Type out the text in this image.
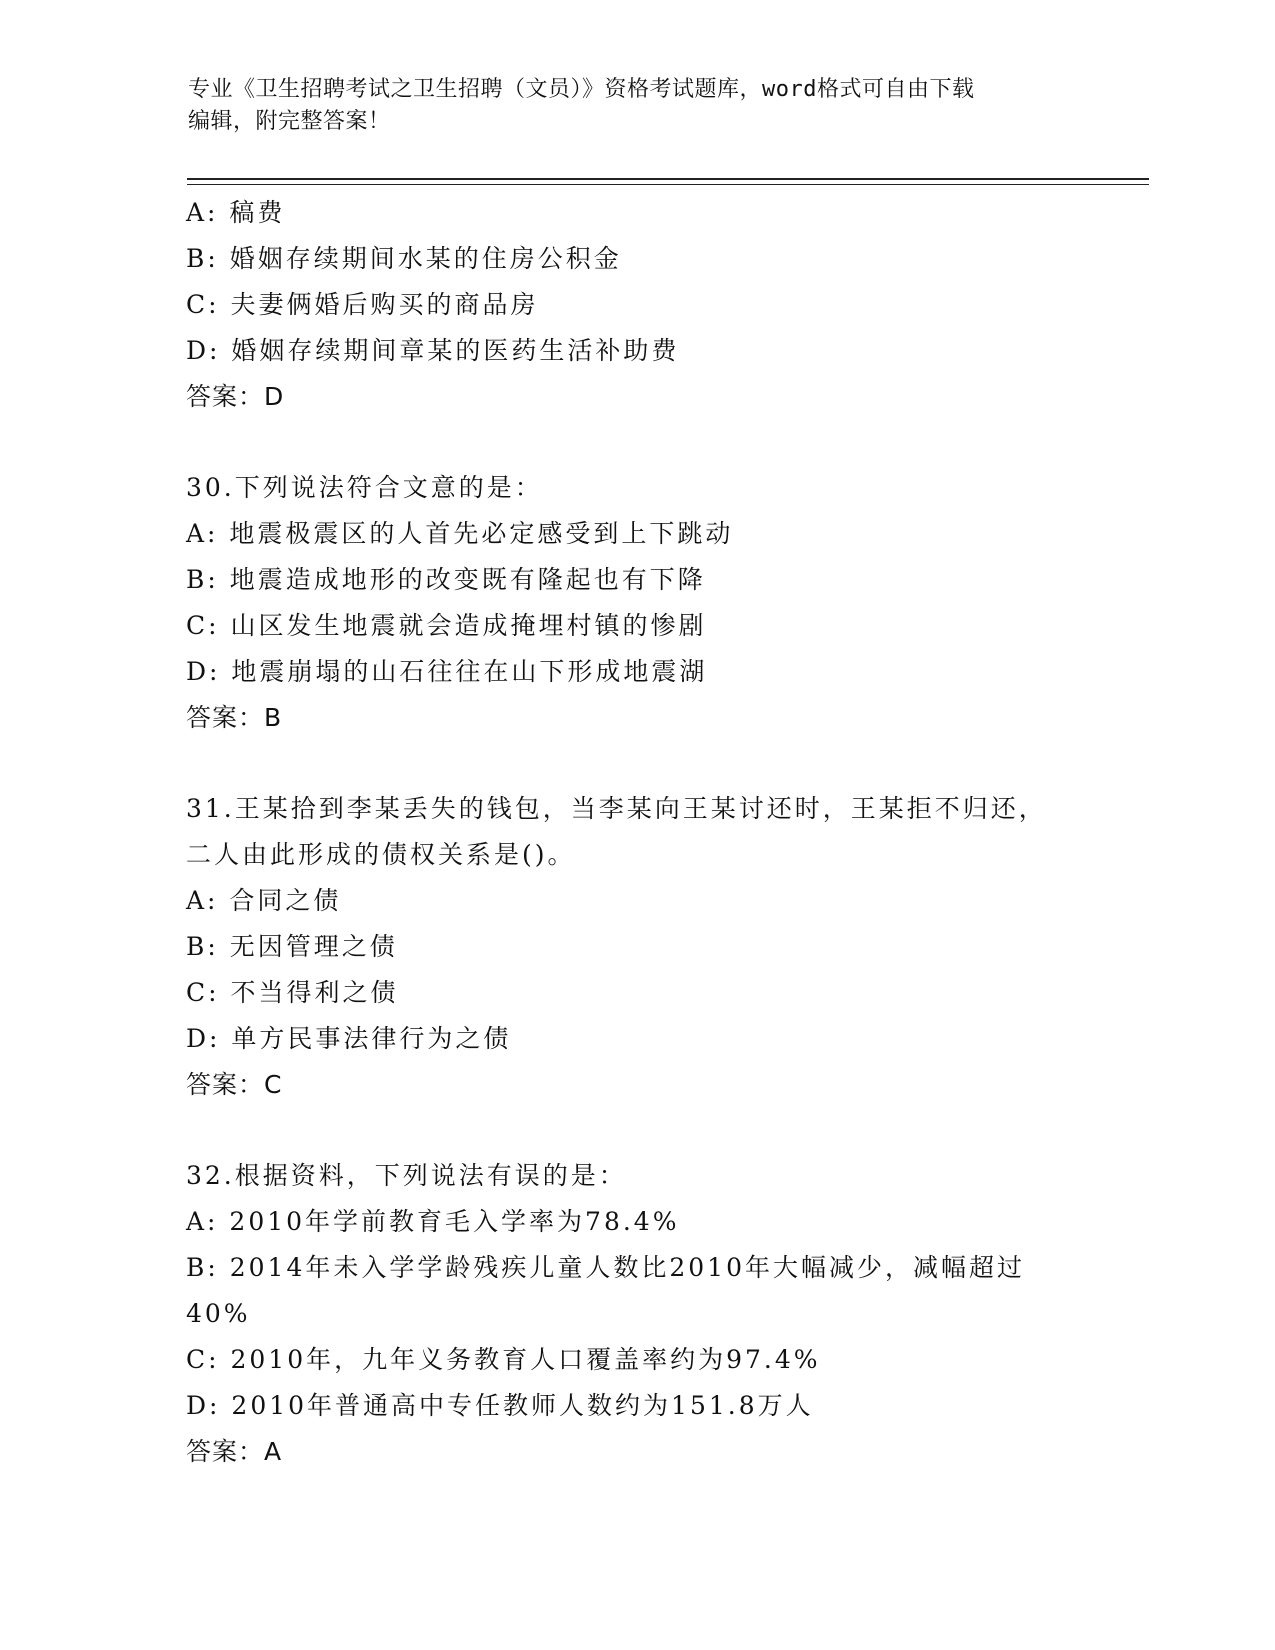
专业《卫生招聘考试之卫生招聘（文员）》资格考试题库，word格式可自由下载
编辑，附完整答案！
A: 稿费
B: 婚姻存续期间水某的住房公积金
C: 夫妻俩婚后购买的商品房
D: 婚姻存续期间章某的医药生活补助费
答案：D
30.下列说法符合文意的是：
A: 地震极震区的人首先必定感受到上下跳动
B: 地震造成地形的改变既有隆起也有下降
C: 山区发生地震就会造成掩埋村镇的惨剧
D: 地震崩塌的山石往往在山下形成地震湖
答案：B
31.王某拾到李某丢失的钱包，当李某向王某讨还时，王某拒不归还，
二人由此形成的债权关系是()。
A: 合同之债
B: 无因管理之债
C: 不当得利之债
D: 单方民事法律行为之债
答案：C
32.根据资料，下列说法有误的是：
A: 2010年学前教育毛入学率为78.4%
B: 2014年未入学学龄残疾儿童人数比2010年大幅减少，减幅超过
40%
C: 2010年，九年义务教育人口覆盖率约为97.4%
D: 2010年普通高中专任教师人数约为151.8万人
答案：A
